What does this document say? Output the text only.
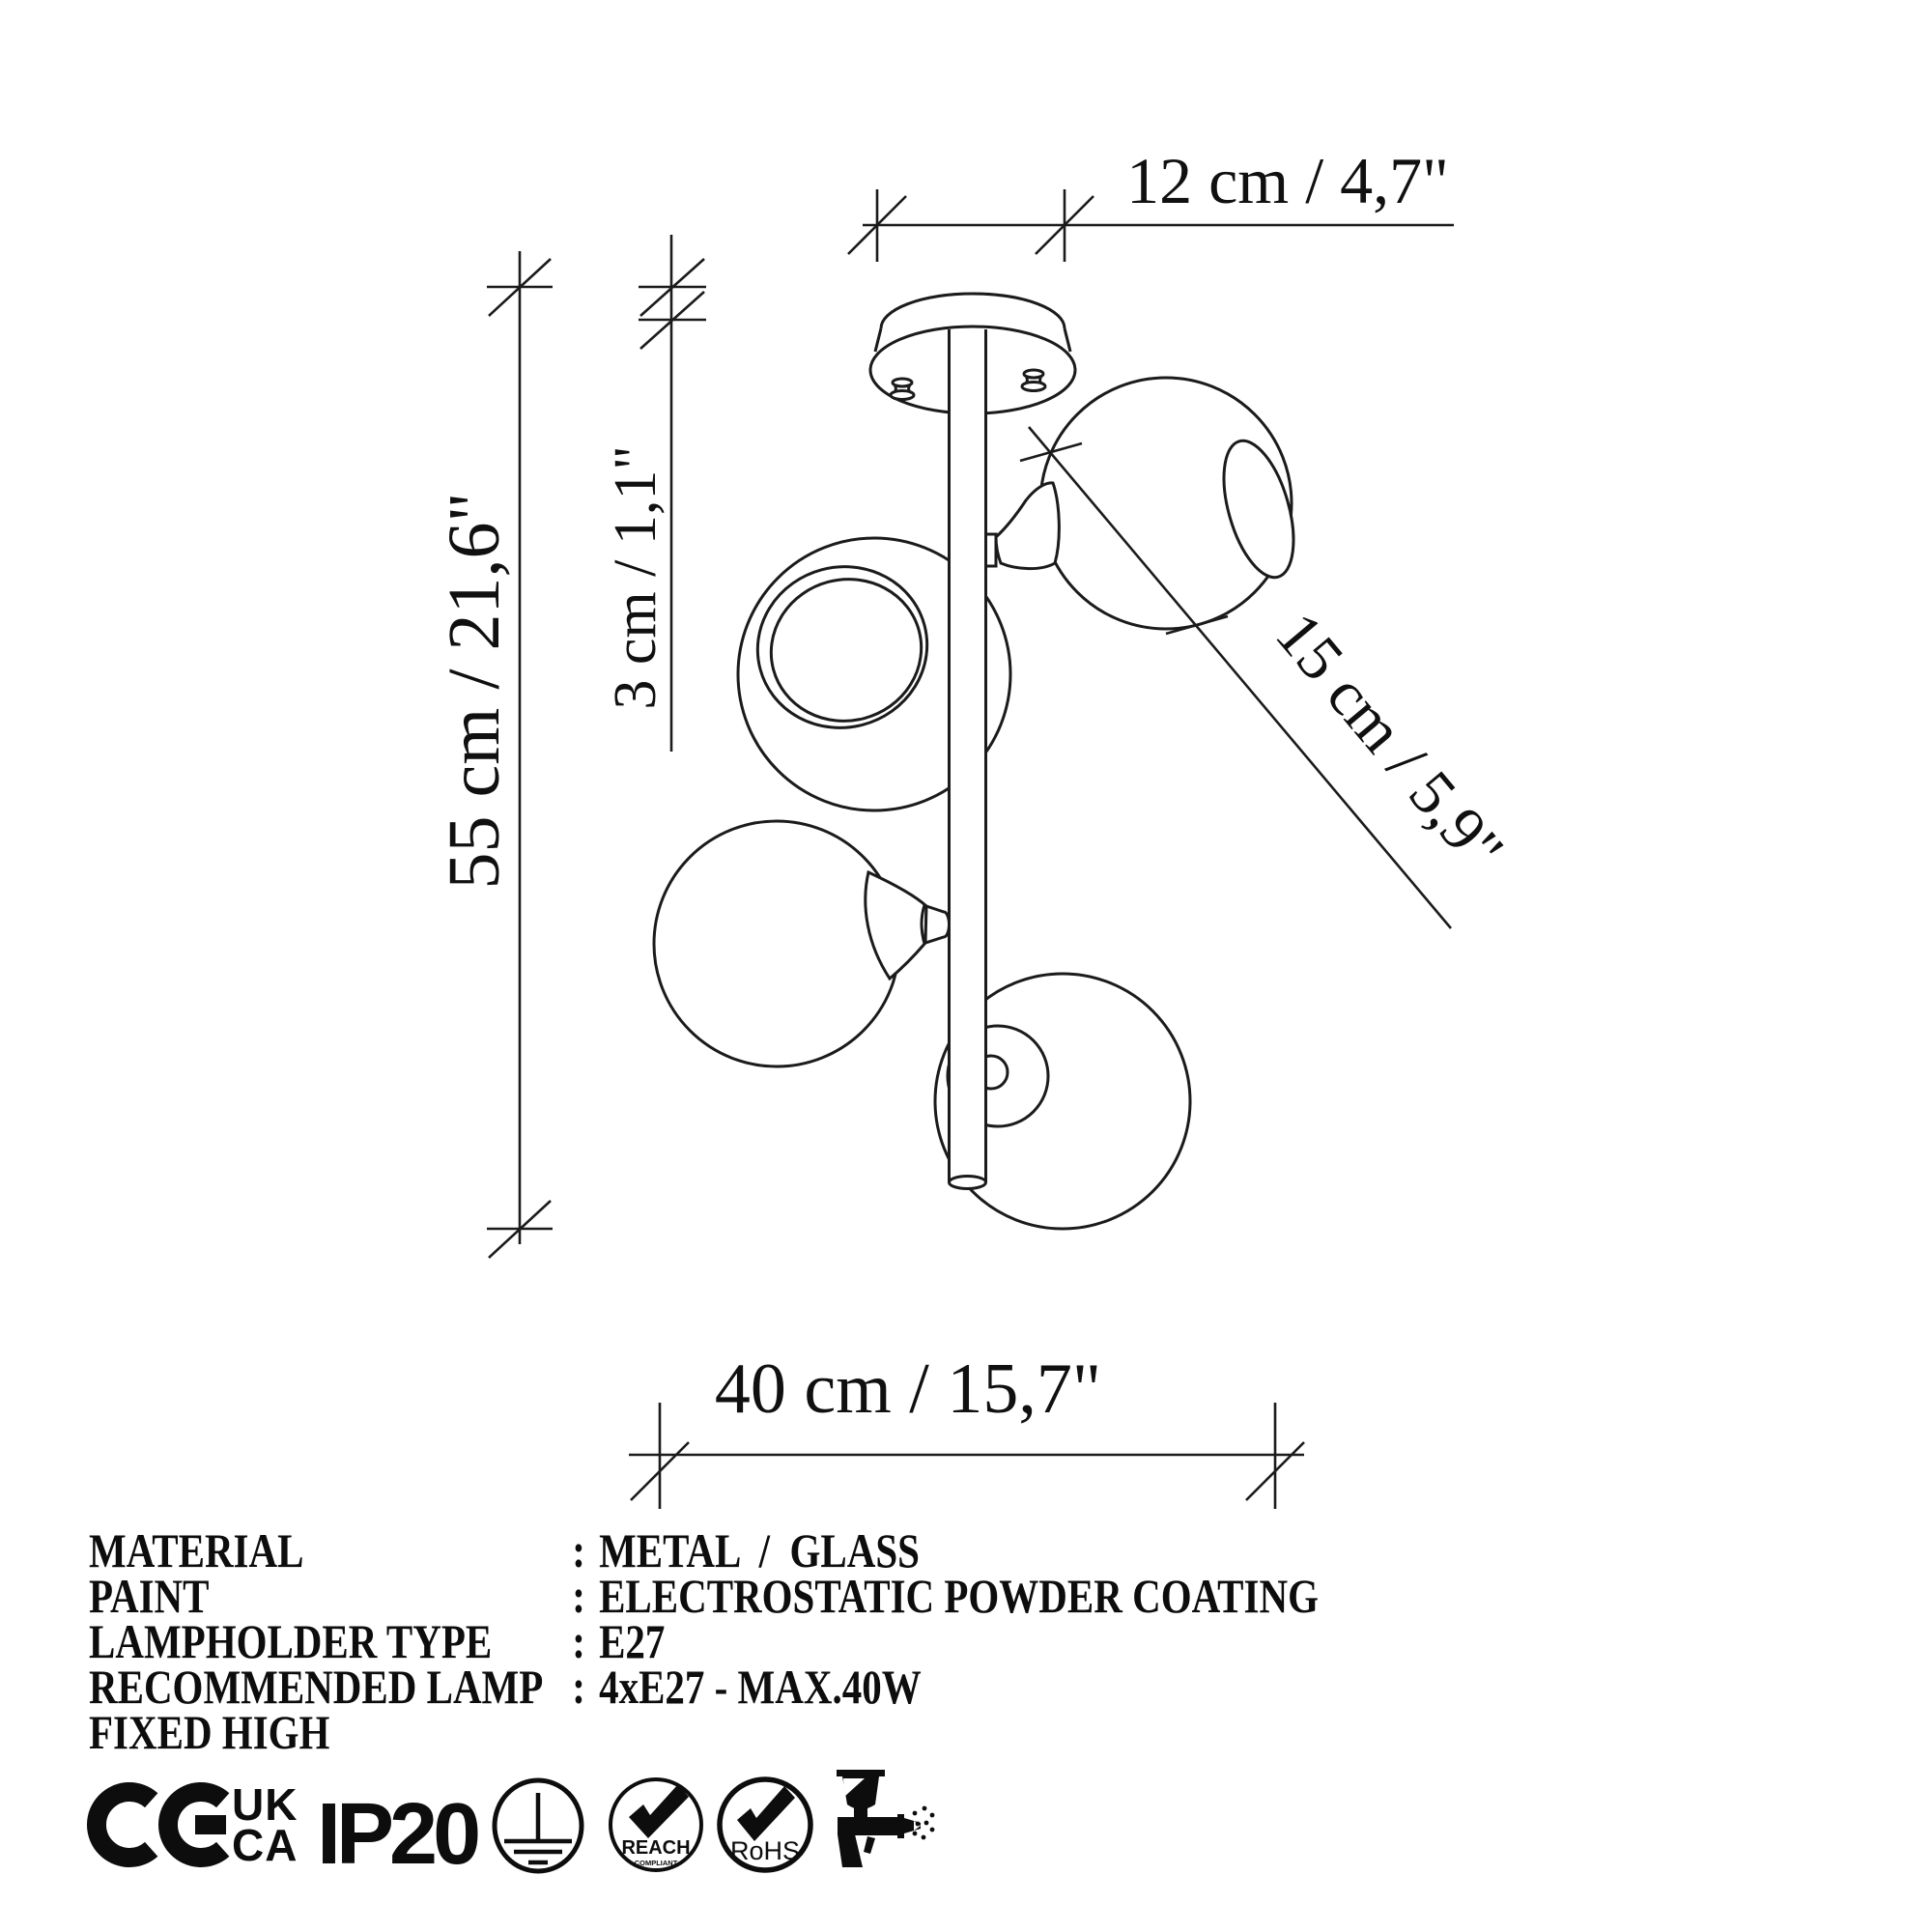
12 cm / 4,7"
55 cm / 21,6" 3 cm / 1,1"
15 cm / 5,9"
40 cm / 15,7"
MATERIAL	: METAL  /  GLASS
PAINT	: ELECTROSTATIC POWDER COATING
LAMPHOLDER TYPE : E27
RECOMMENDED LAMP : 4xE27 - MAX.40W
FIXED HIGH
UK
CA IP20	REACH
COMPLIANT RoHS
